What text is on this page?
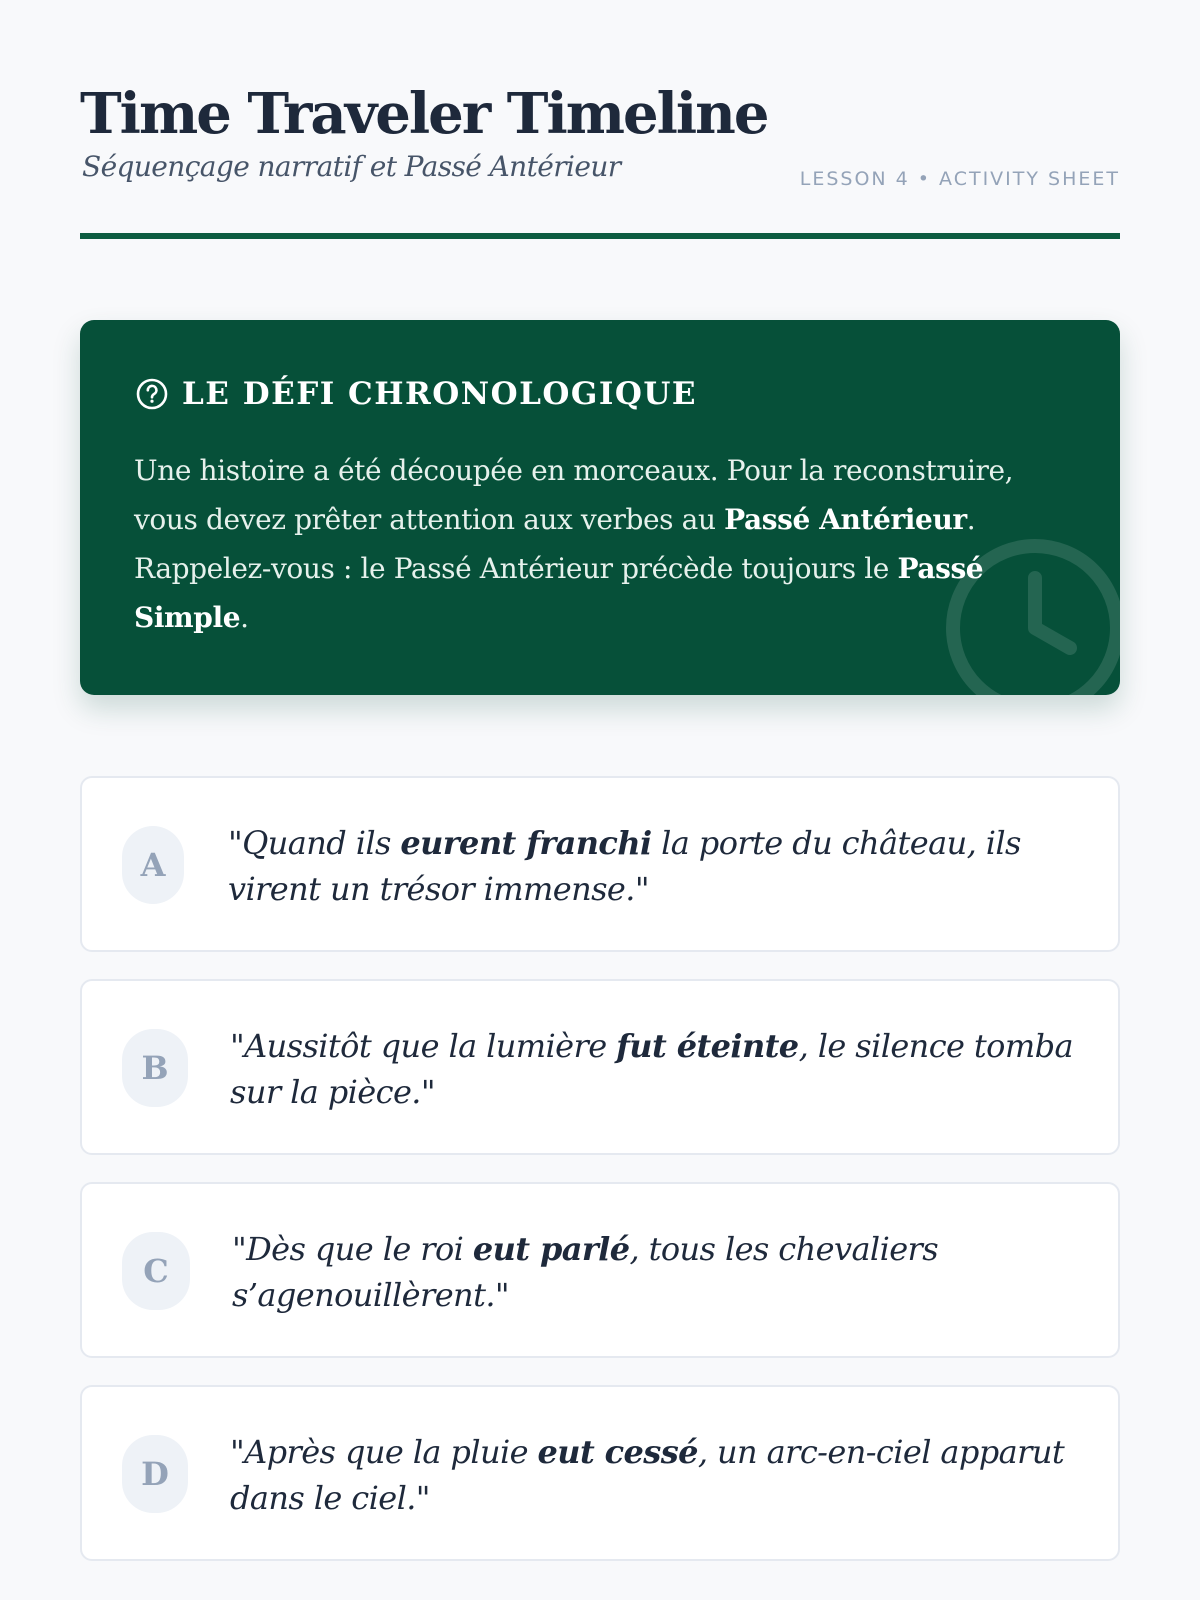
Time Traveler Timeline
Séquençage narratif et Passé Antérieur	LESSON 4 • ACTIVITY SHEET
LE DÉFI CHRONOLOGIQUE

Une histoire a été découpée en morceaux. Pour la reconstruire, vous devez prêter attention aux verbes au Passé Antérieur. Rappelez-vous : le Passé Antérieur précède toujours le Passé Simple.

A

"Quand ils eurent franchi la porte du château, ils virent un trésor immense."

B

"Aussitôt que la lumière fut éteinte, le silence tomba sur la pièce."

C

"Dès que le roi eut parlé, tous les chevaliers s’agenouillèrent."

D

"Après que la pluie eut cessé, un arc-en-ciel apparut dans le ciel."
